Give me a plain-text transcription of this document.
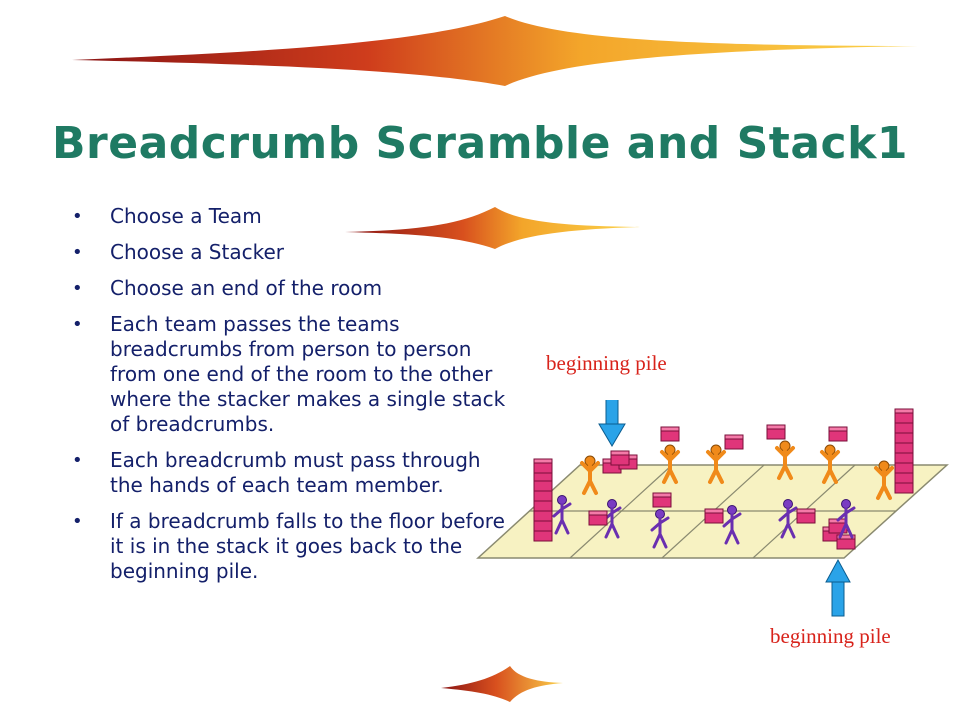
Breadcrumb Scramble and Stack1
• Choose a Team
• Choose a Stacker
• Choose an end of the room
• Each team passes the teams breadcrumbs from person to person from one end of the room to the other where the stacker makes a single stack of breadcrumbs.
• Each breadcrumb must pass through the hands of each team member.
• If a breadcrumb falls to the floor before it is in the stack it goes back to the beginning pile.
beginning pile
beginning pile
